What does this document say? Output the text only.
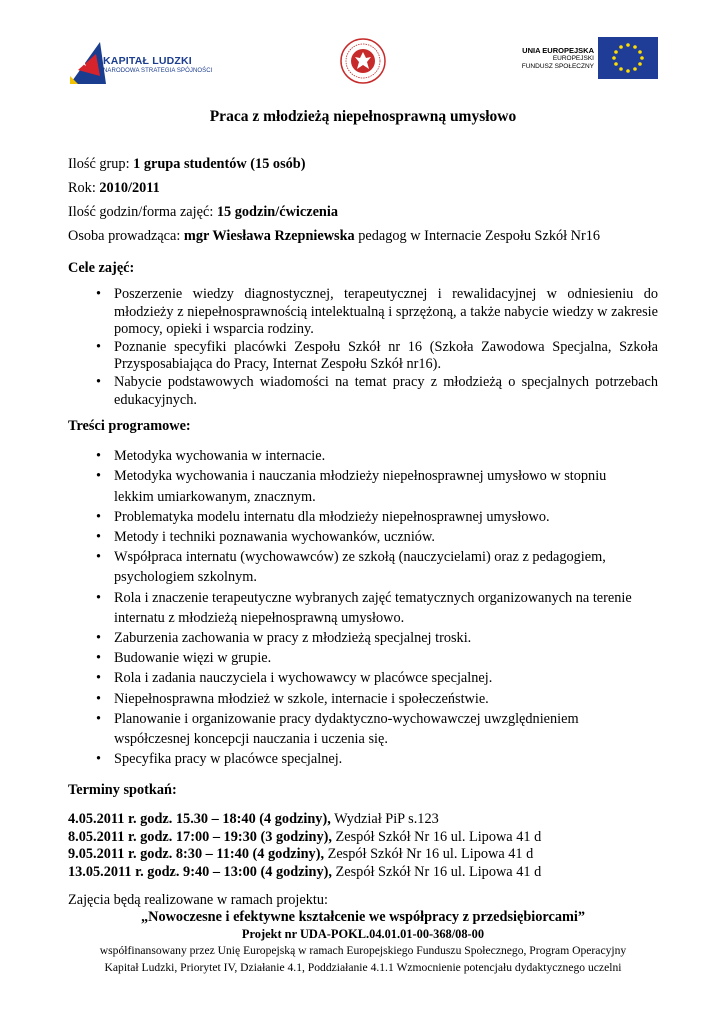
KAPITAŁ LUDZKI
NARODOWA STRATEGIA SPÓJNOŚCI
UNIA EUROPEJSKA
EUROPEJSKI
FUNDUSZ SPOŁECZNY
Praca z młodzieżą niepełnosprawną umysłowo

Ilość grup: 1 grupa studentów (15 osób)

Rok: 2010/2011

Ilość godzin/forma zajęć: 15 godzin/ćwiczenia

Osoba prowadząca: mgr Wiesława Rzepniewska pedagog w Internacie Zespołu Szkół Nr16

Cele zajęć:
• Poszerzenie wiedzy diagnostycznej, terapeutycznej i rewalidacyjnej w odniesieniu do młodzieży z niepełnosprawnością intelektualną i sprzężoną, a także nabycie wiedzy w zakresie pomocy, opieki i wsparcia rodziny.
• Poznanie specyfiki placówki Zespołu Szkół nr 16 (Szkoła Zawodowa Specjalna, Szkoła Przysposabiająca do Pracy, Internat Zespołu Szkół nr16).
• Nabycie podstawowych wiadomości na temat pracy z młodzieżą o specjalnych potrzebach edukacyjnych.
Treści programowe:
• Metodyka wychowania w internacie.
• Metodyka wychowania i nauczania młodzieży niepełnosprawnej umysłowo w stopniu
lekkim umiarkowanym, znacznym.
• Problematyka modelu internatu dla młodzieży niepełnosprawnej umysłowo.
• Metody i techniki poznawania wychowanków, uczniów.
• Współpraca internatu (wychowawców) ze szkołą (nauczycielami) oraz z pedagogiem,
psychologiem szkolnym.
• Rola i znaczenie terapeutyczne wybranych zajęć tematycznych organizowanych na terenie
internatu z młodzieżą niepełnosprawną umysłowo.
• Zaburzenia zachowania w pracy z młodzieżą specjalnej troski.
• Budowanie więzi w grupie.
• Rola i zadania nauczyciela i wychowawcy w placówce specjalnej.
• Niepełnosprawna młodzież w szkole, internacie i społeczeństwie.
• Planowanie i organizowanie pracy dydaktyczno-wychowawczej uwzględnieniem
współczesnej koncepcji nauczania i uczenia się.
• Specyfika pracy w placówce specjalnej.
Terminy spotkań:

4.05.2011 r. godz. 15.30 – 18:40 (4 godziny), Wydział PiP s.123

8.05.2011 r. godz. 17:00 – 19:30 (3 godziny), Zespół Szkół Nr 16 ul. Lipowa 41 d

9.05.2011 r. godz. 8:30 – 11:40 (4 godziny), Zespół Szkół Nr 16 ul. Lipowa 41 d

13.05.2011 r. godz. 9:40 – 13:00 (4 godziny), Zespół Szkół Nr 16 ul. Lipowa 41 d

Zajęcia będą realizowane w ramach projektu:
„Nowoczesne i efektywne kształcenie we współpracy z przedsiębiorcami”
Projekt nr UDA-POKL.04.01.01-00-368/08-00
współfinansowany przez Unię Europejską w ramach Europejskiego Funduszu Społecznego, Program Operacyjny
Kapitał Ludzki, Priorytet IV, Działanie 4.1, Poddziałanie 4.1.1 Wzmocnienie potencjału dydaktycznego uczelni
